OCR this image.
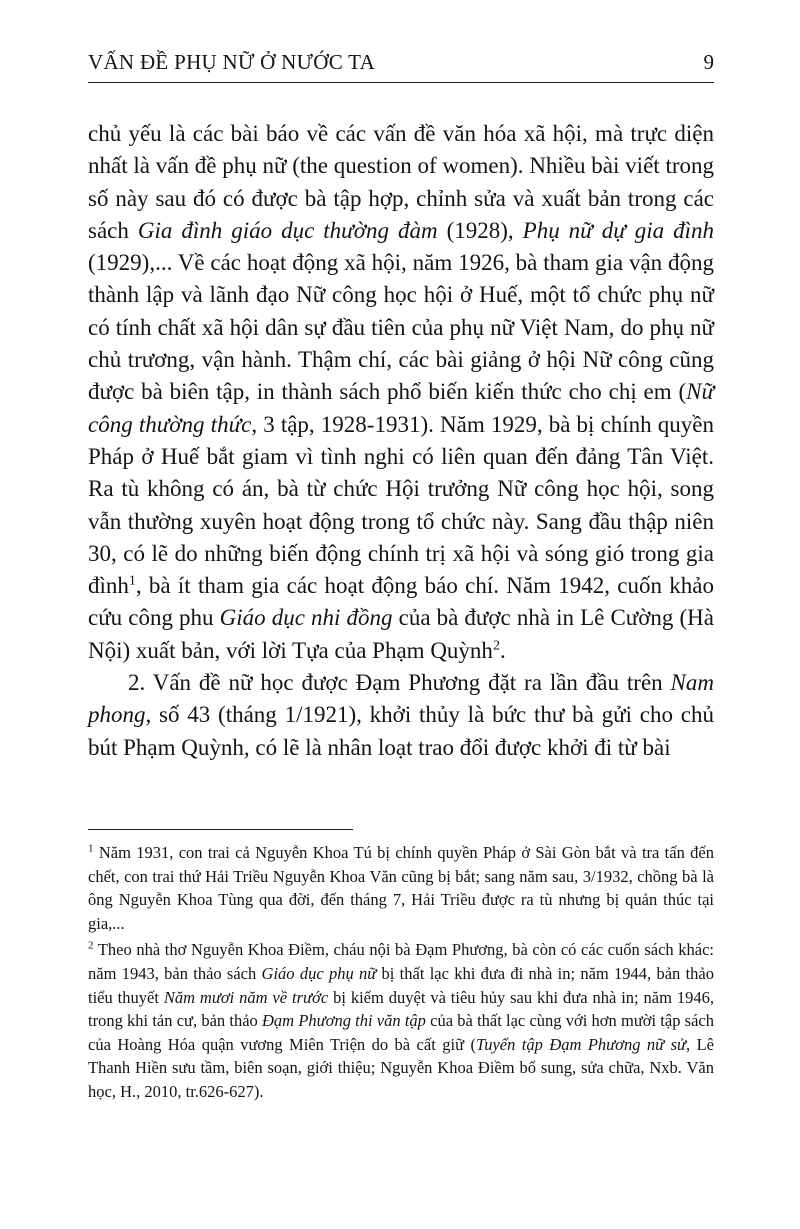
VẤN ĐỀ PHỤ NỮ Ở NƯỚC TA	9

chủ yếu là các bài báo về các vấn đề văn hóa xã hội, mà trực diện nhất là vấn đề phụ nữ (the question of women). Nhiều bài viết trong số này sau đó có được bà tập hợp, chỉnh sửa và xuất bản trong các sách Gia đình giáo dục thường đàm (1928), Phụ nữ dự gia đình (1929),... Về các hoạt động xã hội, năm 1926, bà tham gia vận động thành lập và lãnh đạo Nữ công học hội ở Huế, một tổ chức phụ nữ có tính chất xã hội dân sự đầu tiên của phụ nữ Việt Nam, do phụ nữ chủ trương, vận hành. Thậm chí, các bài giảng ở hội Nữ công cũng được bà biên tập, in thành sách phổ biến kiến thức cho chị em (Nữ công thường thức, 3 tập, 1928-1931). Năm 1929, bà bị chính quyền Pháp ở Huế bắt giam vì tình nghi có liên quan đến đảng Tân Việt. Ra tù không có án, bà từ chức Hội trưởng Nữ công học hội, song vẫn thường xuyên hoạt động trong tổ chức này. Sang đầu thập niên 30, có lẽ do những biến động chính trị xã hội và sóng gió trong gia đình$^1$, bà ít tham gia các hoạt động báo chí. Năm 1942, cuốn khảo cứu công phu Giáo dục nhi đồng của bà được nhà in Lê Cường (Hà Nội) xuất bản, với lời Tựa của Phạm Quỳnh$^2$.

2. Vấn đề nữ học được Đạm Phương đặt ra lần đầu trên Nam phong, số 43 (tháng 1/1921), khởi thủy là bức thư bà gửi cho chủ bút Phạm Quỳnh, có lẽ là nhân loạt trao đổi được khởi đi từ bài

$^1$ Năm 1931, con trai cả Nguyễn Khoa Tú bị chính quyền Pháp ở Sài Gòn bắt và tra tấn đến chết, con trai thứ Hải Triều Nguyễn Khoa Văn cũng bị bắt; sang năm sau, 3/1932, chồng bà là ông Nguyễn Khoa Tùng qua đời, đến tháng 7, Hải Triều được ra tù nhưng bị quản thúc tại gia,...

$^2$ Theo nhà thơ Nguyễn Khoa Điềm, cháu nội bà Đạm Phương, bà còn có các cuốn sách khác: năm 1943, bản thảo sách Giáo dục phụ nữ bị thất lạc khi đưa đi nhà in; năm 1944, bản thảo tiểu thuyết Năm mươi năm về trước bị kiểm duyệt và tiêu hủy sau khi đưa nhà in; năm 1946, trong khi tản cư, bản thảo Đạm Phương thi văn tập của bà thất lạc cùng với hơn mười tập sách của Hoàng Hóa quận vương Miên Triện do bà cất giữ (Tuyển tập Đạm Phương nữ sử, Lê Thanh Hiền sưu tầm, biên soạn, giới thiệu; Nguyễn Khoa Điềm bổ sung, sửa chữa, Nxb. Văn học, H., 2010, tr.626-627).
